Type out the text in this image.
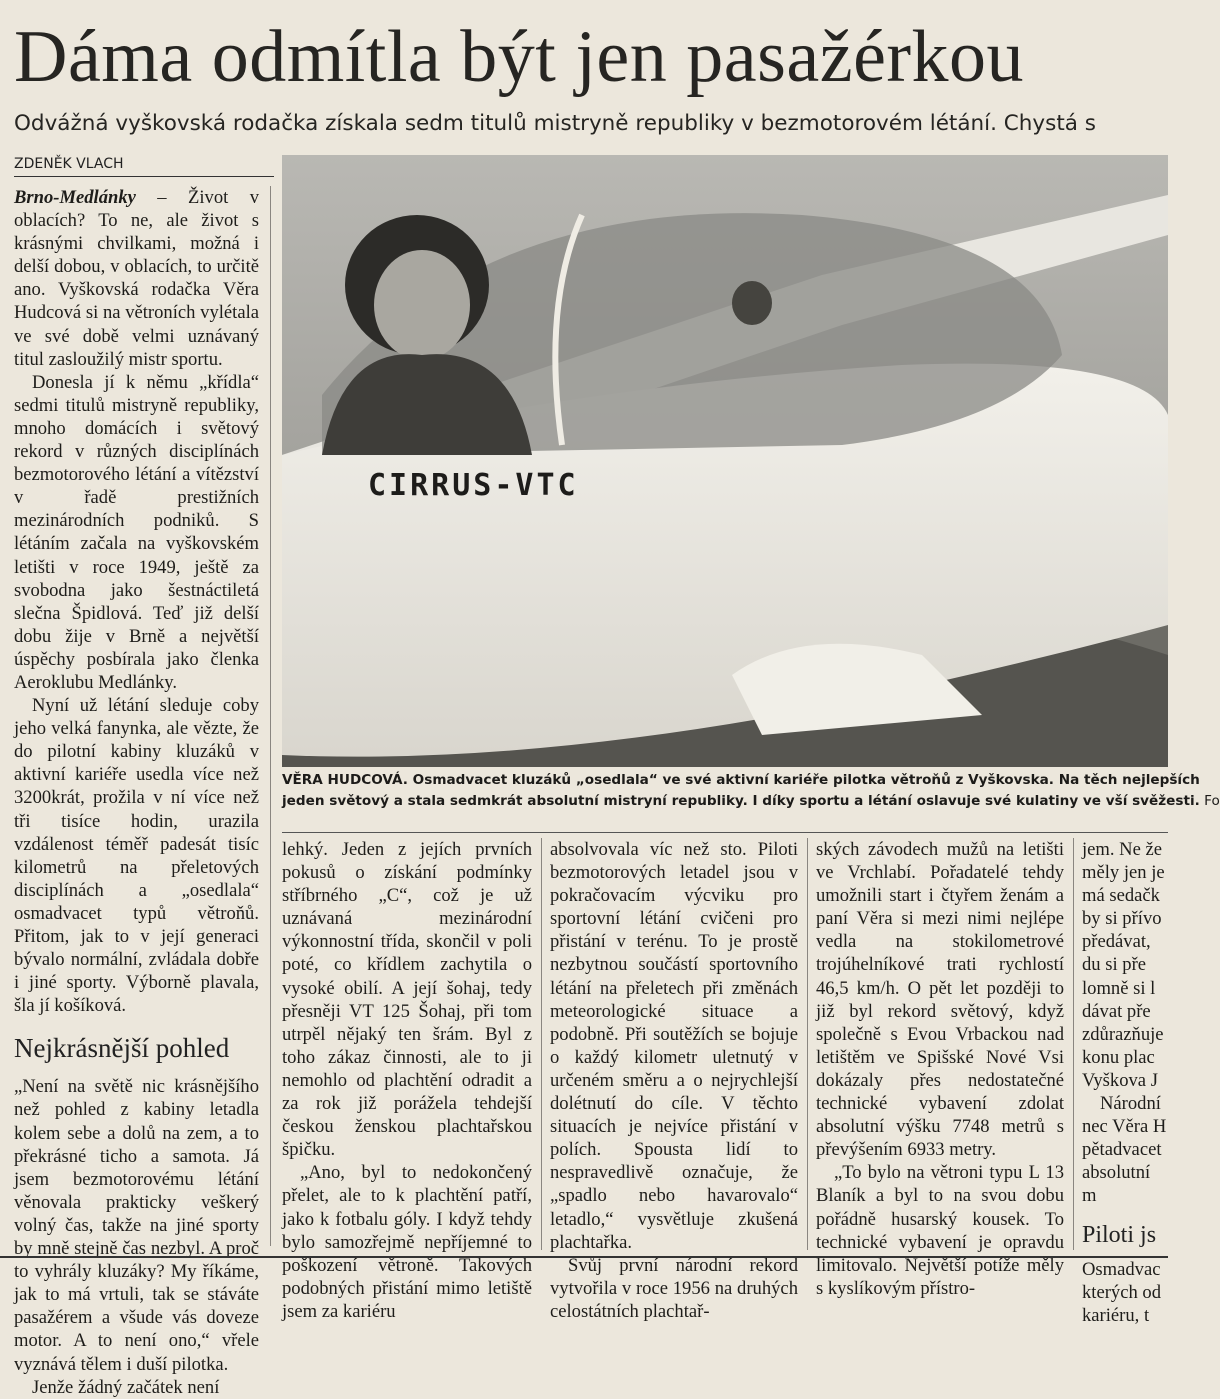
Dáma odmítla být jen pasažérkou
Odvážná vyškovská rodačka získala sedm titulů mistryně republiky v bezmotorovém létání. Chystá s
ZDENĚK VLACH

Brno-Medlánky – Život v oblacích? To ne, ale život s krásnými chvilkami, možná i delší dobou, v oblacích, to určitě ano. Vyškovská rodačka Věra Hudcová si na větroních vylétala ve své době velmi uznávaný titul zasloužilý mistr sportu.

Donesla jí k němu „křídla“ sedmi titulů mistryně republiky, mnoho domácích i světový rekord v různých disciplínách bezmotorového létání a vítězství v řadě prestižních mezinárodních podniků. S létáním začala na vyškovském letišti v roce 1949, ještě za svobodna jako šestnáctiletá slečna Špidlová. Teď již delší dobu žije v Brně a největší úspěchy posbírala jako členka Aeroklubu Medlánky.

Nyní už létání sleduje coby jeho velká fanynka, ale vězte, že do pilotní kabiny kluzáků v aktivní kariéře usedla více než 3200krát, prožila v ní více než tři tisíce hodin, urazila vzdálenost téměř padesát tisíc kilometrů na přeletových disciplínách a „osedlala“ osmadvacet typů větroňů. Přitom, jak to v její generaci bývalo normální, zvládala dobře i jiné sporty. Výborně plavala, šla jí košíková.

Nejkrásnější pohled

„Není na světě nic krásnějšího než pohled z kabiny letadla kolem sebe a dolů na zem, a to překrásné ticho a samota. Já jsem bezmotorovému létání věnovala prakticky veškerý volný čas, takže na jiné sporty by mně stejně čas nezbyl. A proč to vyhrály kluzáky? My říkáme, jak to má vrtuli, tak se stáváte pasažérem a všude vás doveze motor. A to není ono,“ vřele vyznává tělem i duší pilotka.

Jenže žádný začátek není

CIRRUS-VTC
VĚRA HUDCOVÁ. Osmadvacet kluzáků „osedlala“ ve své aktivní kariéře pilotka větroňů z Vyškovska. Na těch nejlepších
jeden světový a stala sedmkrát absolutní mistryní republiky. I díky sportu a létání oslavuje své kulatiny ve vší svěžesti. Fo

lehký. Jeden z jejích prvních pokusů o získání podmínky stříbrného „C“, což je už uznávaná mezinárodní výkonnostní třída, skončil v poli poté, co křídlem zachytila o vysoké obilí. A její šohaj, tedy přesněji VT 125 Šohaj, při tom utrpěl nějaký ten šrám. Byl z toho zákaz činnosti, ale to ji nemohlo od plachtění odradit a za rok již porážela tehdejší českou ženskou plachtařskou špičku.

„Ano, byl to nedokončený přelet, ale to k plachtění patří, jako k fotbalu góly. I když tehdy bylo samozřejmě nepříjemné to poškození větroně. Takových podobných přistání mimo letiště jsem za kariéru

absolvovala víc než sto. Piloti bezmotorových letadel jsou v pokračovacím výcviku pro sportovní létání cvičeni pro přistání v terénu. To je prostě nezbytnou součástí sportovního létání na přeletech při změnách meteorologické situace a podobně. Při soutěžích se bojuje o každý kilometr uletnutý v určeném směru a o nejrychlejší dolétnutí do cíle. V těchto situacích je nejvíce přistání v polích. Spousta lidí to nespravedlivě označuje, že „spadlo nebo havarovalo“ letadlo,“ vysvětluje zkušená plachtařka.

Svůj první národní rekord vytvořila v roce 1956 na druhých celostátních plachtař-

ských závodech mužů na letišti ve Vrchlabí. Pořadatelé tehdy umožnili start i čtyřem ženám a paní Věra si mezi nimi nejlépe vedla na stokilometrové trojúhelníkové trati rychlostí 46,5 km/h. O pět let později to již byl rekord světový, když společně s Evou Vrbackou nad letištěm ve Spišské Nové Vsi dokázaly přes nedostatečné technické vybavení zdolat absolutní výšku 7748 metrů s převýšením 6933 metry.

„To bylo na větroni typu L 13 Blaník a byl to na svou dobu pořádně husarský kousek. To technické vybavení je opravdu limitovalo. Největší potíže měly s kyslíkovým přístro-

jem. Ne že měly jen je má sedačk by si přívo předávat, du si pře lomně si l dávat pře zdůrazňuje konu plac Vyškova J

Národní nec Věra H pětadvacet absolutní m

Piloti js

Osmadvac kterých od kariéru, t
